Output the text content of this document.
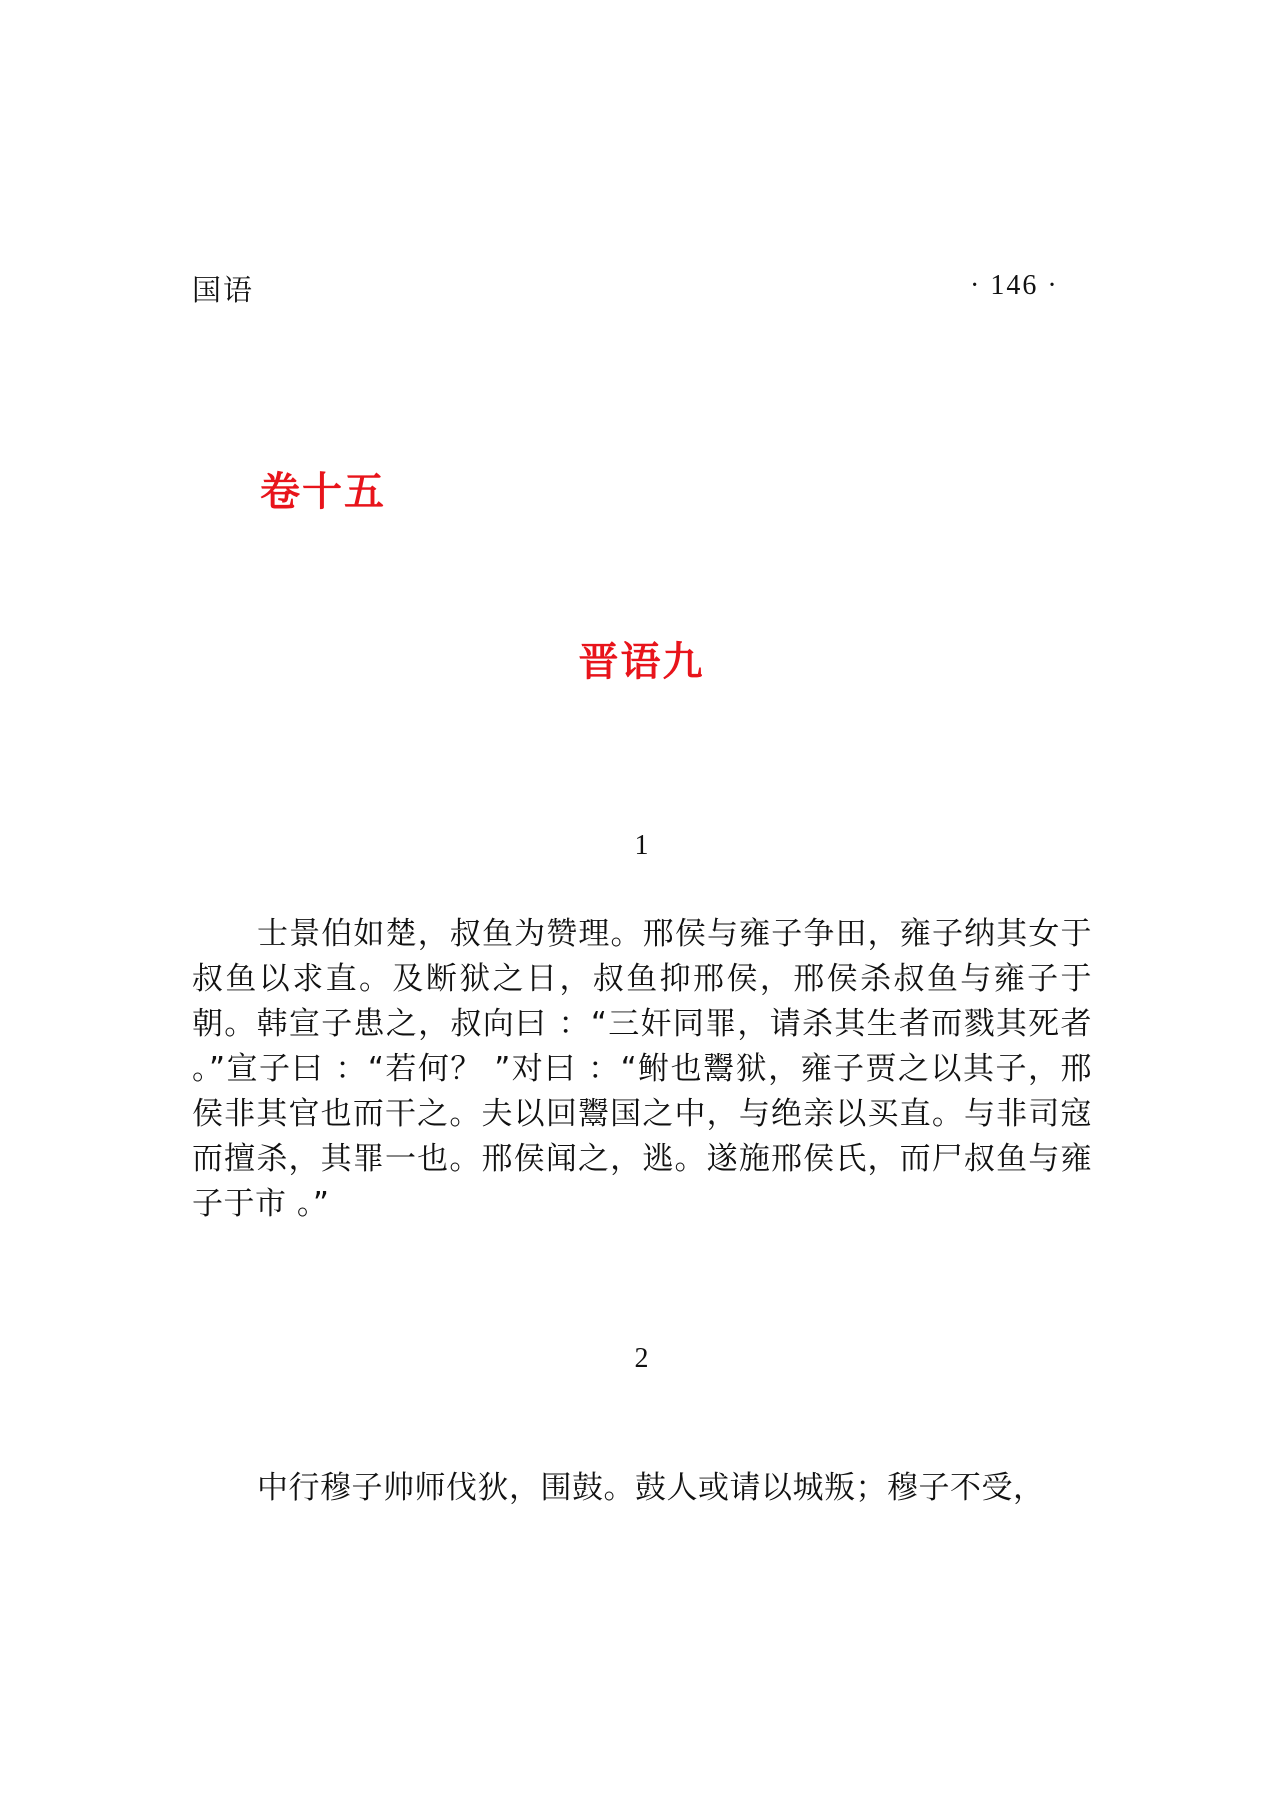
国语	· 146 ·
卷十五
晋语九
1

士景伯如楚，叔鱼为赞理。邢侯与雍子争田，雍子纳其女于叔鱼以求直。及断狱之日，叔鱼抑邢侯，邢侯杀叔鱼与雍子于朝。韩宣子患之，叔向曰 ：“三奸同罪，请杀其生者而戮其死者 。”宣子曰 ：“若何？ ”对曰 ：“鲋也鬻狱，雍子贾之以其子，邢侯非其官也而干之。夫以回鬻国之中，与绝亲以买直。与非司寇而擅杀，其罪一也。邢侯闻之，逃。遂施邢侯氏，而尸叔鱼与雍子于市 。”

2

中行穆子帅师伐狄，围鼓。鼓人或请以城叛；穆子不受，
